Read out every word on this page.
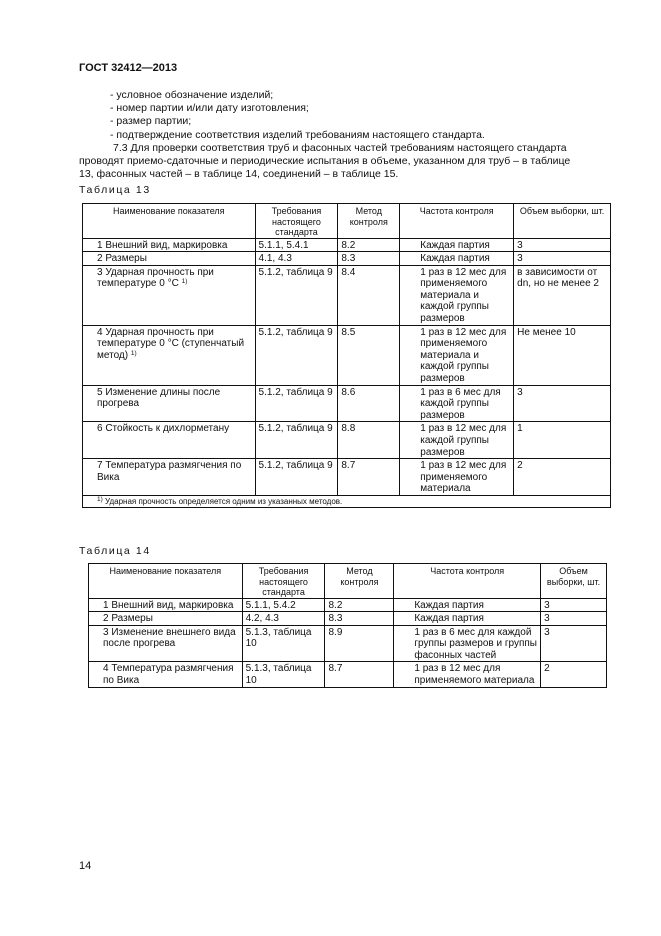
ГОСТ 32412—2013
- условное обозначение изделий;
- номер партии и/или дату изготовления;
- размер партии;
- подтверждение соответствия изделий требованиям настоящего стандарта.

7.3 Для проверки соответствия труб и фасонных частей требованиям настоящего стандарта
проводят приемо-сдаточные и периодические испытания в объеме, указанном для труб – в таблице
13, фасонных частей – в таблице 14, соединений – в таблице 15.

Таблица 13
Наименование показателя	Требования настоящего стандарта	Метод контроля	Частота контроля	Объем выборки, шт.
1 Внешний вид, маркировка	5.1.1, 5.4.1	8.2	Каждая партия	3
2 Размеры	4.1, 4.3	8.3	Каждая партия	3
3 Ударная прочность при температуре 0 °С $^{1)}$	5.1.2, таблица 9	8.4	1 раз в 12 мес для применяемого материала и каждой группы размеров	в зависимости от dn, но не менее 2
4 Ударная прочность при температуре 0 °С (ступенчатый метод) $^{1)}$	5.1.2, таблица 9	8.5	1 раз в 12 мес для применяемого материала и каждой группы размеров	Не менее 10
5 Изменение длины после прогрева	5.1.2, таблица 9	8.6	1 раз в 6 мес для каждой группы размеров	3
6 Стойкость к дихлорметану	5.1.2, таблица 9	8.8	1 раз в 12 мес для каждой группы размеров	1
7 Температура размягчения по Вика	5.1.2, таблица 9	8.7	1 раз в 12 мес для применяемого материала	2
$^{1)}$ Ударная прочность определяется одним из указанных методов.				
Таблица 14
Наименование показателя	Требования настоящего стандарта	Метод контроля	Частота контроля	Объем выборки, шт.
1 Внешний вид, маркировка	5.1.1, 5.4.2	8.2	Каждая партия	3
2 Размеры	4.2, 4.3	8.3	Каждая партия	3
3 Изменение внешнего вида после прогрева	5.1.3, таблица 10	8.9	1 раз в 6 мес для каждой группы размеров и группы фасонных частей	3
4 Температура размягчения по Вика	5.1.3, таблица 10	8.7	1 раз в 12 мес для применяемого материала	2
14
